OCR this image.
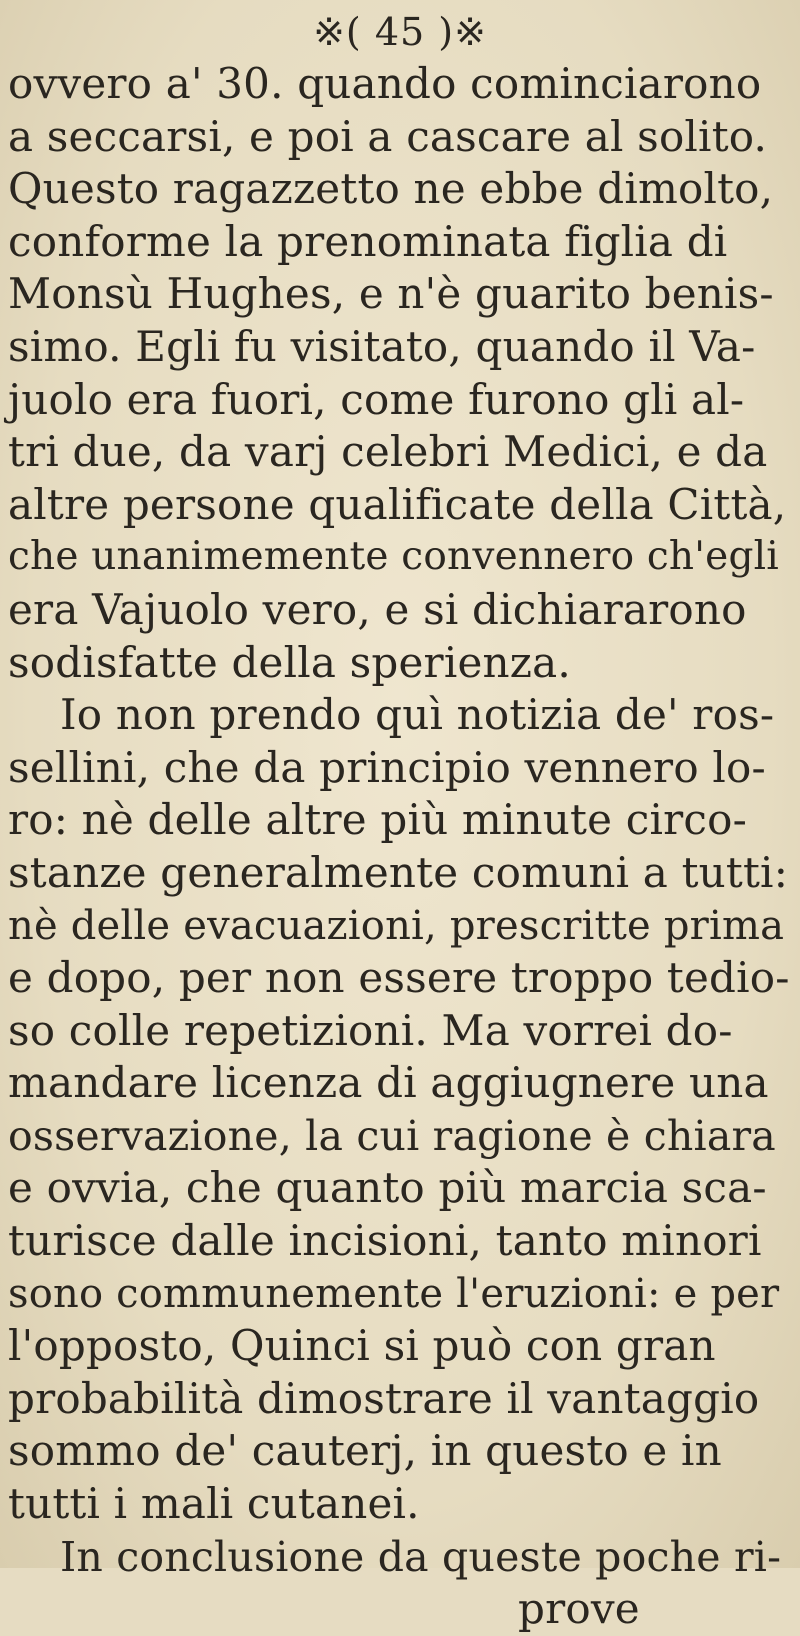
※( 45 )※
ovvero a' 30. quando cominciarono
a seccarsi, e poi a cascare al solito.
Questo ragazzetto ne ebbe dimolto,
conforme la prenominata figlia di
Monsù Hughes, e n'è guarito benis-
simo. Egli fu visitato, quando il Va-
juolo era fuori, come furono gli al-
tri due, da varj celebri Medici, e da
altre persone qualificate della Città,
che unanimemente convennero ch'egli
era Vajuolo vero, e si dichiararono
sodisfatte della sperienza.
Io non prendo quì notizia de' ros-
sellini, che da principio vennero lo-
ro: nè delle altre più minute circo-
stanze generalmente comuni a tutti:
nè delle evacuazioni, prescritte prima
e dopo, per non essere troppo tedio-
so colle repetizioni. Ma vorrei do-
mandare licenza di aggiugnere una
osservazione, la cui ragione è chiara
e ovvia, che quanto più marcia sca-
turisce dalle incisioni, tanto minori
sono communemente l'eruzioni: e per
l'opposto, Quinci si può con gran
probabilità dimostrare il vantaggio
sommo de' cauterj, in questo e in
tutti i mali cutanei.
In conclusione da queste poche ri-
prove
